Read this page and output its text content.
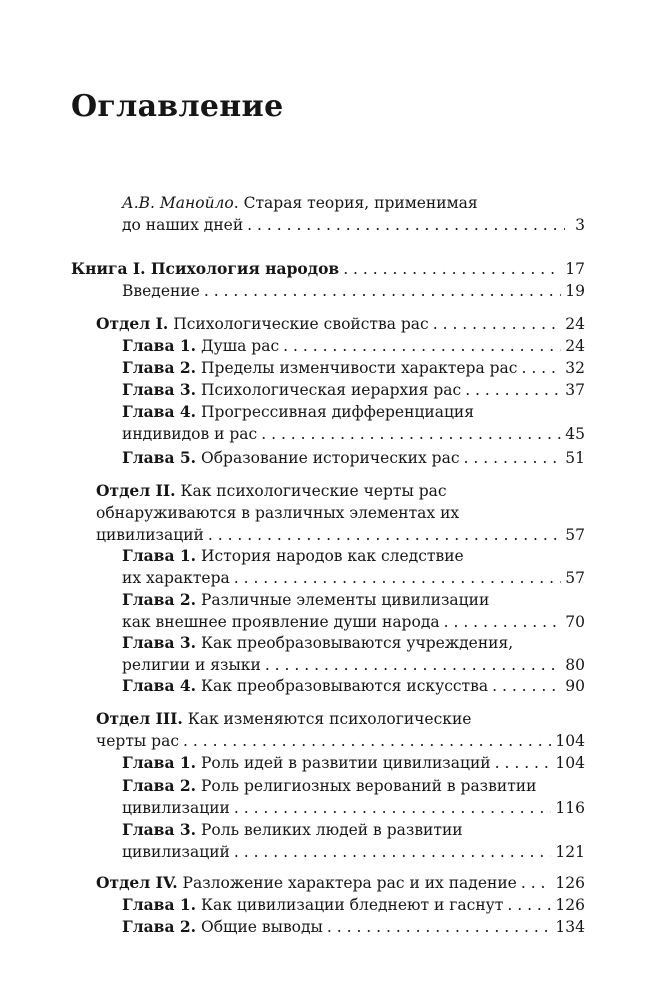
Оглавление
А.В. Манойло. Старая теория, применимая
до наших дней . . .	3
Книга I. Психология народов . . .	17
Введение . . .	19
Отдел I. Психологические свойства рас . . .	24
Глава 1. Душа рас . . .	24
Глава 2. Пределы изменчивости характера рас . . .	32
Глава 3. Психологическая иерархия рас . . .	37
Глава 4. Прогрессивная дифференциация
индивидов и рас . . .	45
Глава 5. Образование исторических рас . . .	51
Отдел II. Как психологические черты рас
обнаруживаются в различных элементах их
цивилизаций . . .	57
Глава 1. История народов как следствие
их характера . . .	57
Глава 2. Различные элементы цивилизации
как внешнее проявление души народа . . .	70
Глава 3. Как преобразовываются учреждения,
религии и языки . . .	80
Глава 4. Как преобразовываются искусства . . .	90
Отдел III. Как изменяются психологические
черты рас . . .	104
Глава 1. Роль идей в развитии цивилизаций . . .	104
Глава 2. Роль религиозных верований в развитии
цивилизации . . .	116
Глава 3. Роль великих людей в развитии
цивилизаций . . .	121
Отдел IV. Разложение характера рас и их падение . . . 126
Глава 1. Как цивилизации бледнеют и гаснут . . .	126
Глава 2. Общие выводы . . .	134
